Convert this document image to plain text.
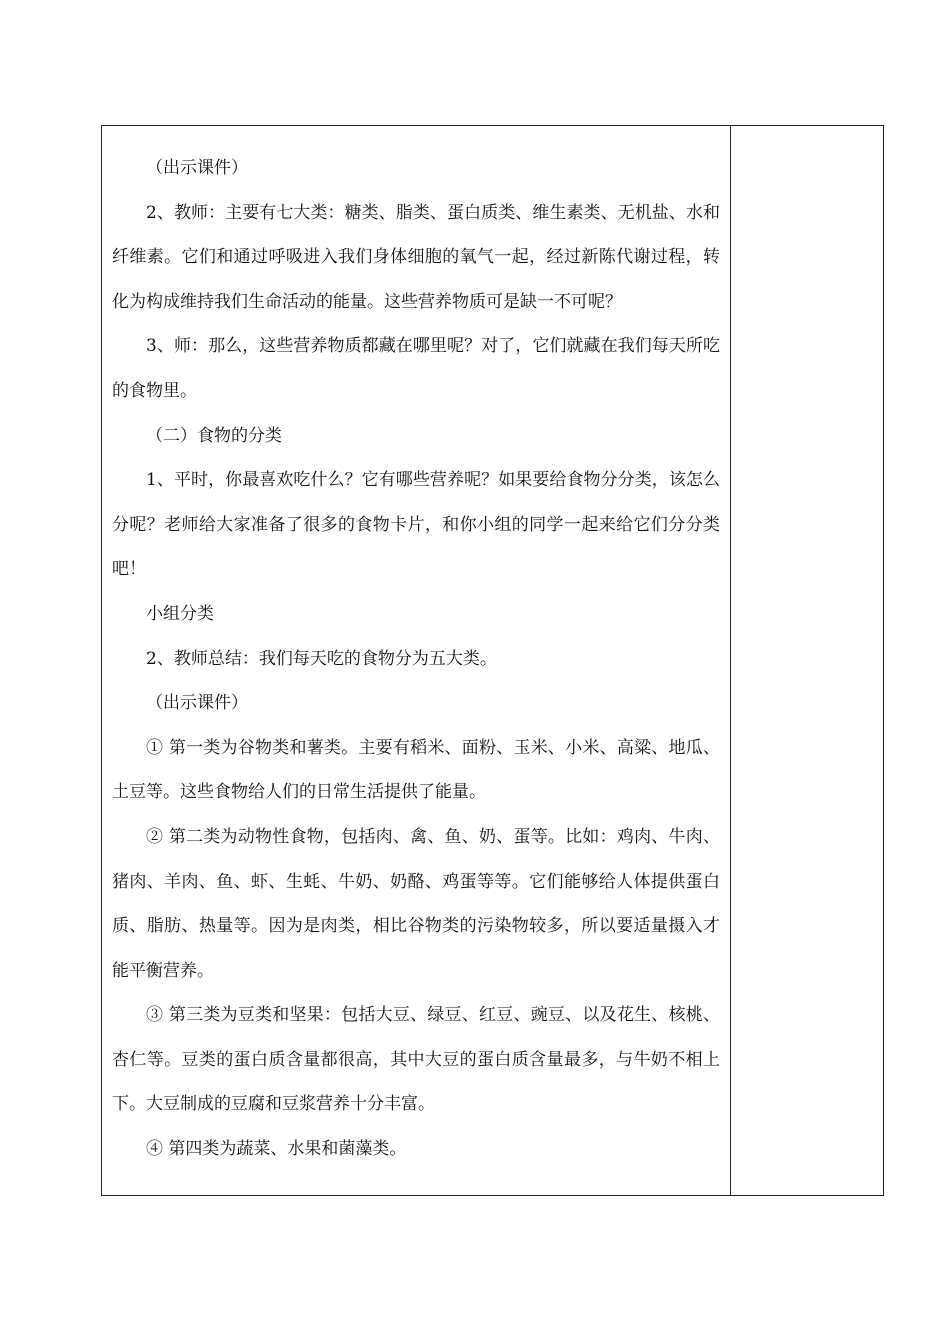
（出示课件）

2、教师：主要有七大类：糖类、脂类、蛋白质类、维生素类、无机盐、水和纤维素。它们和通过呼吸进入我们身体细胞的氧气一起，经过新陈代谢过程，转化为构成维持我们生命活动的能量。这些营养物质可是缺一不可呢？

3、师：那么，这些营养物质都藏在哪里呢？对了，它们就藏在我们每天所吃的食物里。

（二）食物的分类

1、平时，你最喜欢吃什么？它有哪些营养呢？如果要给食物分分类，该怎么分呢？老师给大家准备了很多的食物卡片，和你小组的同学一起来给它们分分类吧！

小组分类

2、教师总结：我们每天吃的食物分为五大类。

（出示课件）

① 第一类为谷物类和薯类。主要有稻米、面粉、玉米、小米、高粱、地瓜、土豆等。这些食物给人们的日常生活提供了能量。

② 第二类为动物性食物，包括肉、禽、鱼、奶、蛋等。比如：鸡肉、牛肉、猪肉、羊肉、鱼、虾、生蚝、牛奶、奶酪、鸡蛋等等。它们能够给人体提供蛋白质、脂肪、热量等。因为是肉类，相比谷物类的污染物较多，所以要适量摄入才能平衡营养。

③ 第三类为豆类和坚果：包括大豆、绿豆、红豆、豌豆、以及花生、核桃、杏仁等。豆类的蛋白质含量都很高，其中大豆的蛋白质含量最多，与牛奶不相上下。大豆制成的豆腐和豆浆营养十分丰富。

④ 第四类为蔬菜、水果和菌藻类。
